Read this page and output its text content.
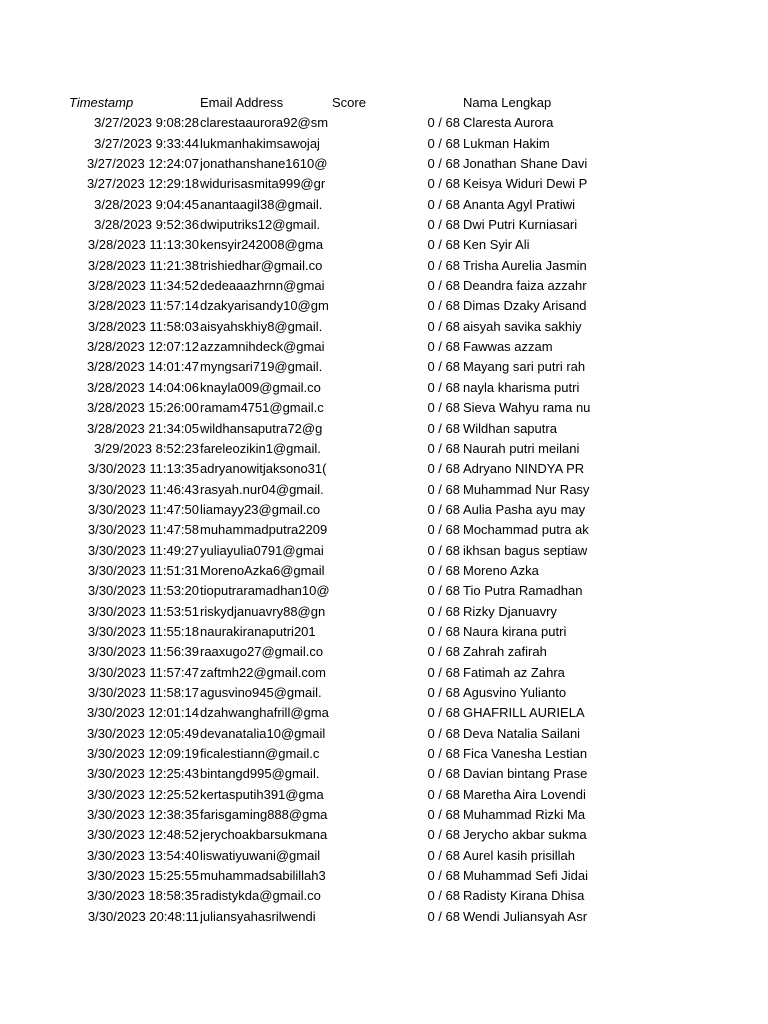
Timestamp	Email Address	Score	Nama Lengkap
3/27/2023 9:08:28 clarestaaurora92@sm	0 / 68 Claresta Aurora
3/27/2023 9:33:44 lukmanhakimsawojaj	0 / 68 Lukman Hakim
3/27/2023 12:24:07 jonathanshane1610@	0 / 68 Jonathan Shane Davi
3/27/2023 12:29:18 widurisasmita999@gr	0 / 68 Keisya Widuri Dewi P
3/28/2023 9:04:45 anantaagil38@gmail.	0 / 68 Ananta Agyl Pratiwi
3/28/2023 9:52:36 dwiputriks12@gmail.	0 / 68 Dwi Putri Kurniasari
3/28/2023 11:13:30 kensyir242008@gma	0 / 68 Ken Syir Ali
3/28/2023 11:21:38 trishiedhar@gmail.co	0 / 68 Trisha Aurelia Jasmin
3/28/2023 11:34:52 dedeaaazhrnn@gmai	0 / 68 Deandra faiza azzahr
3/28/2023 11:57:14 dzakyarisandy10@gm	0 / 68 Dimas Dzaky Arisand
3/28/2023 11:58:03 aisyahskhiy8@gmail.	0 / 68 aisyah savika sakhiy
3/28/2023 12:07:12 azzamnihdeck@gmai	0 / 68 Fawwas azzam
3/28/2023 14:01:47 myngsari719@gmail.	0 / 68 Mayang sari putri rah
3/28/2023 14:04:06 knayla009@gmail.co	0 / 68 nayla kharisma putri
3/28/2023 15:26:00 ramam4751@gmail.c	0 / 68 Sieva Wahyu rama nu
3/28/2023 21:34:05 wildhansaputra72@g	0 / 68 Wildhan saputra
3/29/2023 8:52:23 fareleozikin1@gmail.	0 / 68 Naurah putri meilani
3/30/2023 11:13:35 adryanowitjaksono31(	0 / 68 Adryano NINDYA PR
3/30/2023 11:46:43 rasyah.nur04@gmail.	0 / 68 Muhammad Nur Rasy
3/30/2023 11:47:50 liamayy23@gmail.co	0 / 68 Aulia Pasha ayu may
3/30/2023 11:47:58 muhammadputra2209	0 / 68 Mochammad putra ak
3/30/2023 11:49:27 yuliayulia0791@gmai	0 / 68 ikhsan bagus septiaw
3/30/2023 11:51:31 MorenoAzka6@gmail	0 / 68 Moreno Azka
3/30/2023 11:53:20 tioputraramadhan10@	0 / 68 Tio Putra Ramadhan
3/30/2023 11:53:51 riskydjanuavry88@gn	0 / 68 Rizky Djanuavry
3/30/2023 11:55:18 naurakiranaputri201	0 / 68 Naura kirana putri
3/30/2023 11:56:39 raaxugo27@gmail.co	0 / 68 Zahrah zafirah
3/30/2023 11:57:47 zaftmh22@gmail.com	0 / 68 Fatimah az Zahra
3/30/2023 11:58:17 agusvino945@gmail.	0 / 68 Agusvino Yulianto
3/30/2023 12:01:14 dzahwanghafrill@gma	0 / 68 GHAFRILL AURIELA
3/30/2023 12:05:49 devanatalia10@gmail	0 / 68 Deva Natalia Sailani
3/30/2023 12:09:19 ficalestiann@gmail.c	0 / 68 Fica Vanesha Lestian
3/30/2023 12:25:43 bintangd995@gmail.	0 / 68 Davian bintang Prase
3/30/2023 12:25:52 kertasputih391@gma	0 / 68 Maretha Aira Lovendi
3/30/2023 12:38:35 farisgaming888@gma	0 / 68 Muhammad Rizki Ma
3/30/2023 12:48:52 jerychoakbarsukmana	0 / 68 Jerycho akbar sukma
3/30/2023 13:54:40 liswatiyuwani@gmail	0 / 68 Aurel kasih prisillah
3/30/2023 15:25:55 muhammadsabilillah3	0 / 68 Muhammad Sefi Jidai
3/30/2023 18:58:35 radistykda@gmail.co	0 / 68 Radisty Kirana Dhisa
3/30/2023 20:48:11 juliansyahasrilwendi	0 / 68 Wendi Juliansyah Asr
